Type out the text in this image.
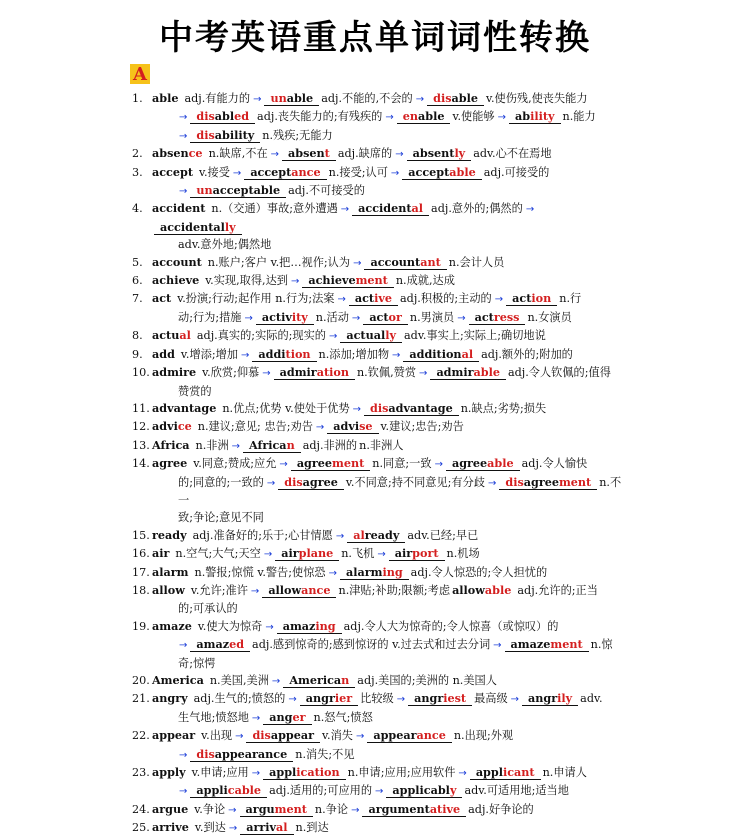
中考英语重点单词词性转换
A
1. able adj.有能力的 → unable adj.不能的,不会的 → disable v.使伤残,使丧失能力
→ disabled adj.丧失能力的;有残疾的 → enable v.使能够 → ability n.能力
→ disability n.残疾;无能力
2. absence n.缺席,不在 → absent adj.缺席的 → absently adv.心不在焉地
3. accept v.接受 → acceptance n.接受;认可 → acceptable adj.可接受的
→ unacceptable adj.不可接受的
4. accident n.（交通）事故;意外遭遇 → accidental adj.意外的;偶然的 →accidentally
adv.意外地;偶然地
5. account n.账户;客户 v.把…视作;认为 → accountant n.会计人员
6. achieve v.实现,取得,达到 → achievement n.成就,达成
7. act v.扮演;行动;起作用 n.行为;法案 → active adj.积极的;主动的 → action n.行
动;行为;措施 → activity n.活动 → actor n.男演员 → actress n.女演员
8. actual adj.真实的;实际的;现实的 → actually adv.事实上;实际上;确切地说
9. add v.增添;增加 → addition n.添加;增加物 → additional adj.额外的;附加的
10. admire v.欣赏;仰慕 → admiration n.钦佩,赞赏 → admirable adj.令人钦佩的;值得
赞赏的
11. advantage n.优点;优势 v.使处于优势 → disadvantage n.缺点;劣势;损失
12. advice n.建议;意见; 忠告;劝告 → advise v.建议;忠告;劝告
13. Africa n.非洲 → African adj.非洲的 n.非洲人
14. agree v.同意;赞成;应允 → agreement n.同意;一致 → agreeable adj.令人愉快
的;同意的;一致的 → disagree v.不同意;持不同意见;有分歧 → disagreement n.不一
致;争论;意见不同
15. ready adj.准备好的;乐于;心甘情愿 → already adv.已经;早已
16. air n.空气;大气;天空 → airplane n.飞机 → airport n.机场
17. alarm n.警报;惊慌 v.警告;使惊恐 → alarming adj.令人惊恐的;令人担忧的
18. allow v.允许;准许 → allowance n.津贴;补助;限额;考虑 allowable adj.允许的;正当
的;可承认的
19. amaze v.使大为惊奇 → amazing adj.令人大为惊奇的;令人惊喜（或惊叹）的
→ amazed adj.感到惊奇的;感到惊讶的 v.过去式和过去分词 → amazement n.惊奇;惊愕
20. America n.美国,美洲 → American adj.美国的;美洲的 n.美国人
21. angry adj.生气的;愤怒的 → angrier 比较级 → angriest 最高级 → angrily adv.
生气地;愤怒地 → anger n.怒气;愤怒
22. appear v.出现 → disappear v.消失 → appearance n.出现;外观
→ disappearance n.消失;不见
23. apply v.申请;应用 → application n.申请;应用;应用软件 → applicant n.申请人
→ applicable adj.适用的;可应用的 → applicably adv.可适用地;适当地
24. argue v.争论 → argument n.争论 → argumentative adj.好争论的
25. arrive v.到达 → arrival n.到达
